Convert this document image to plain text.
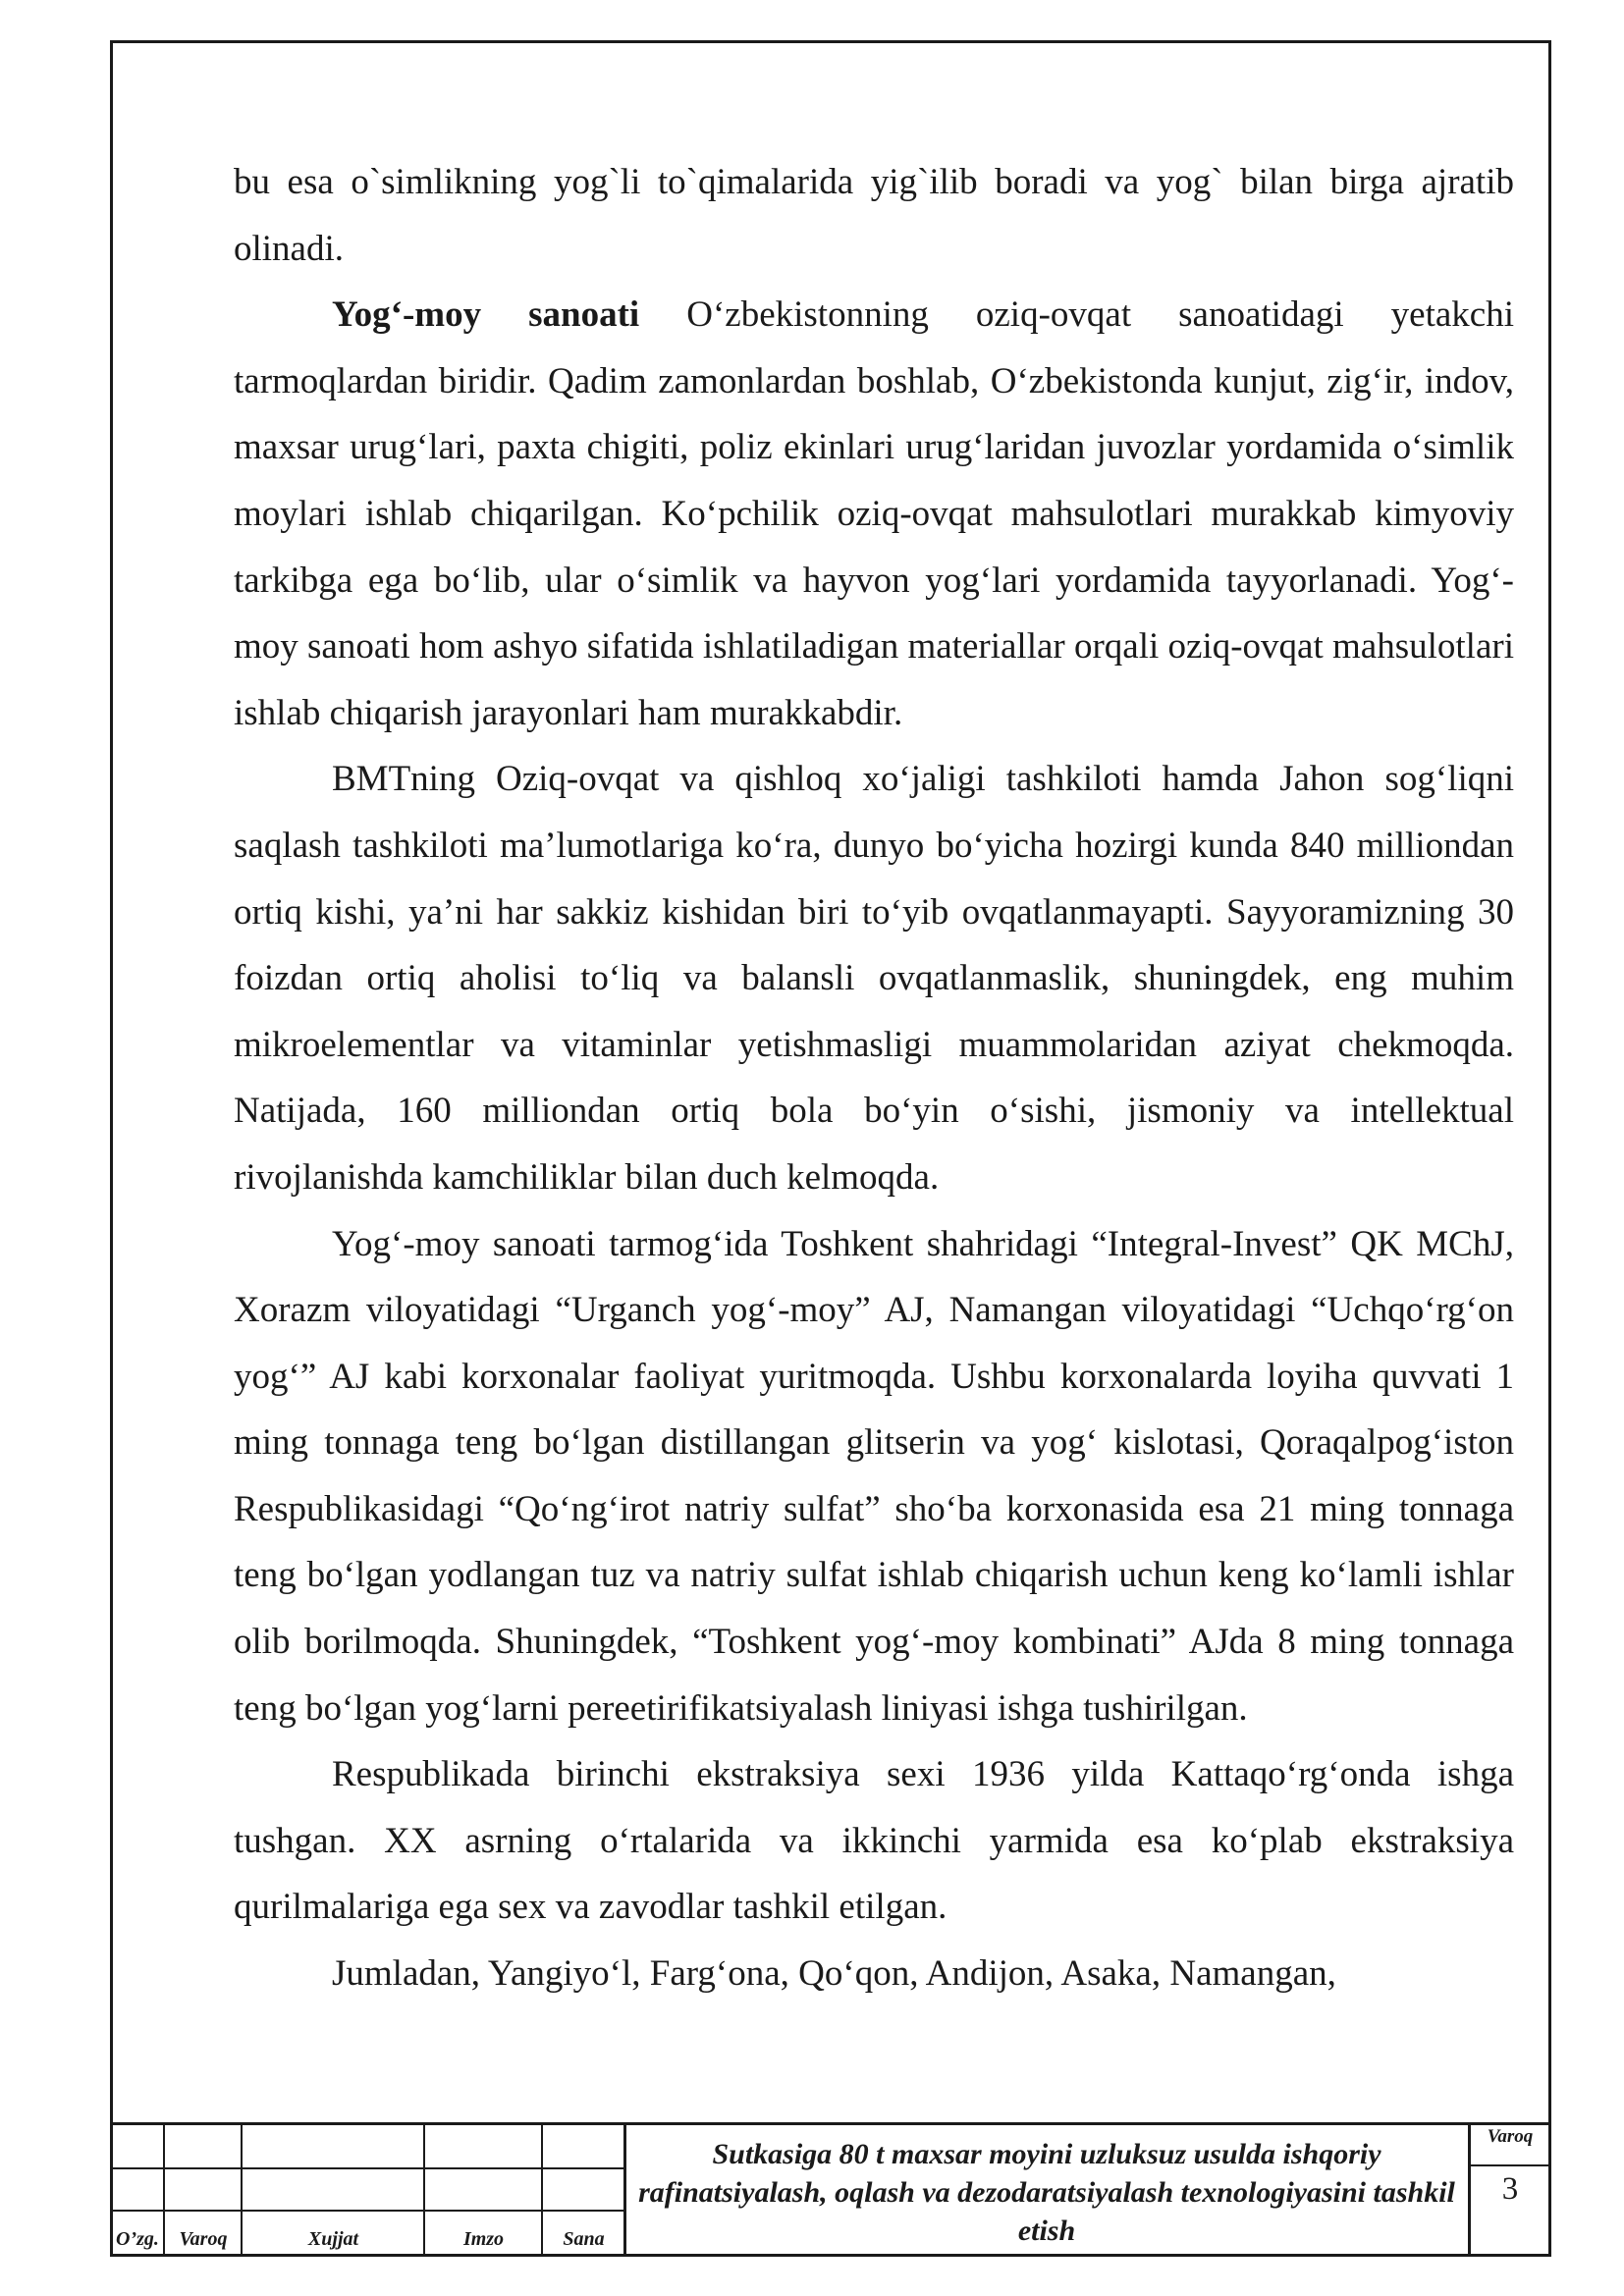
bu esa o`simlikning yog`li to`qimalarida yig`ilib boradi va yog` bilan birga ajratib olinadi.

Yog‘-moy sanoati O‘zbekistonning oziq-ovqat sanoatidagi yetakchi tarmoqlardan biridir. Qadim zamonlardan boshlab, O‘zbekistonda kunjut, zig‘ir, indov, maxsar urug‘lari, paxta chigiti, poliz ekinlari urug‘laridan juvozlar yordamida o‘simlik moylari ishlab chiqarilgan. Ko‘pchilik oziq-ovqat mahsulotlari murakkab kimyoviy tarkibga ega bo‘lib, ular o‘simlik va hayvon yog‘lari yordamida tayyorlanadi. Yog‘-moy sanoati hom ashyo sifatida ishlatiladigan materiallar orqali oziq-ovqat mahsulotlari ishlab chiqarish jarayonlari ham murakkabdir.

BMTning Oziq-ovqat va qishloq xo‘jaligi tashkiloti hamda Jahon sog‘liqni saqlash tashkiloti ma’lumotlariga ko‘ra, dunyo bo‘yicha hozirgi kunda 840 milliondan ortiq kishi, ya’ni har sakkiz kishidan biri to‘yib ovqatlanmayapti. Sayyoramizning 30 foizdan ortiq aholisi to‘liq va balansli ovqatlanmaslik, shuningdek, eng muhim mikroelementlar va vitaminlar yetishmasligi muammolaridan aziyat chekmoqda. Natijada, 160 milliondan ortiq bola bo‘yin o‘sishi, jismoniy va intellektual rivojlanishda kamchiliklar bilan duch kelmoqda.

Yog‘-moy sanoati tarmog‘ida Toshkent shahridagi “Integral-Invest” QK MChJ, Xorazm viloyatidagi “Urganch yog‘-moy” AJ, Namangan viloyatidagi “Uchqo‘rg‘on yog‘” AJ kabi korxonalar faoliyat yuritmoqda. Ushbu korxonalarda loyiha quvvati 1 ming tonnaga teng bo‘lgan distillangan glitserin va yog‘ kislotasi, Qoraqalpog‘iston Respublikasidagi “Qo‘ng‘irot natriy sulfat” sho‘ba korxonasida esa 21 ming tonnaga teng bo‘lgan yodlangan tuz va natriy sulfat ishlab chiqarish uchun keng ko‘lamli ishlar olib borilmoqda. Shuningdek, “Toshkent yog‘-moy kombinati” AJda 8 ming tonnaga teng bo‘lgan yog‘larni pereetirifikatsiyalash liniyasi ishga tushirilgan.

Respublikada birinchi ekstraksiya sexi 1936 yilda Kattaqo‘rg‘onda ishga tushgan. XX asrning o‘rtalarida va ikkinchi yarmida esa ko‘plab ekstraksiya qurilmalariga ega sex va zavodlar tashkil etilgan.

Jumladan, Yangiyo‘l, Farg‘ona, Qo‘qon, Andijon, Asaka, Namangan,

O’zg.	Varoq	Xujjat	Imzo	Sana
Sutkasiga 80 t maxsar moyini uzluksuz usulda ishqoriy rafinatsiyalash, oqlash va dezodaratsiyalash texnologiyasini tashkil etish
Varoq
3
